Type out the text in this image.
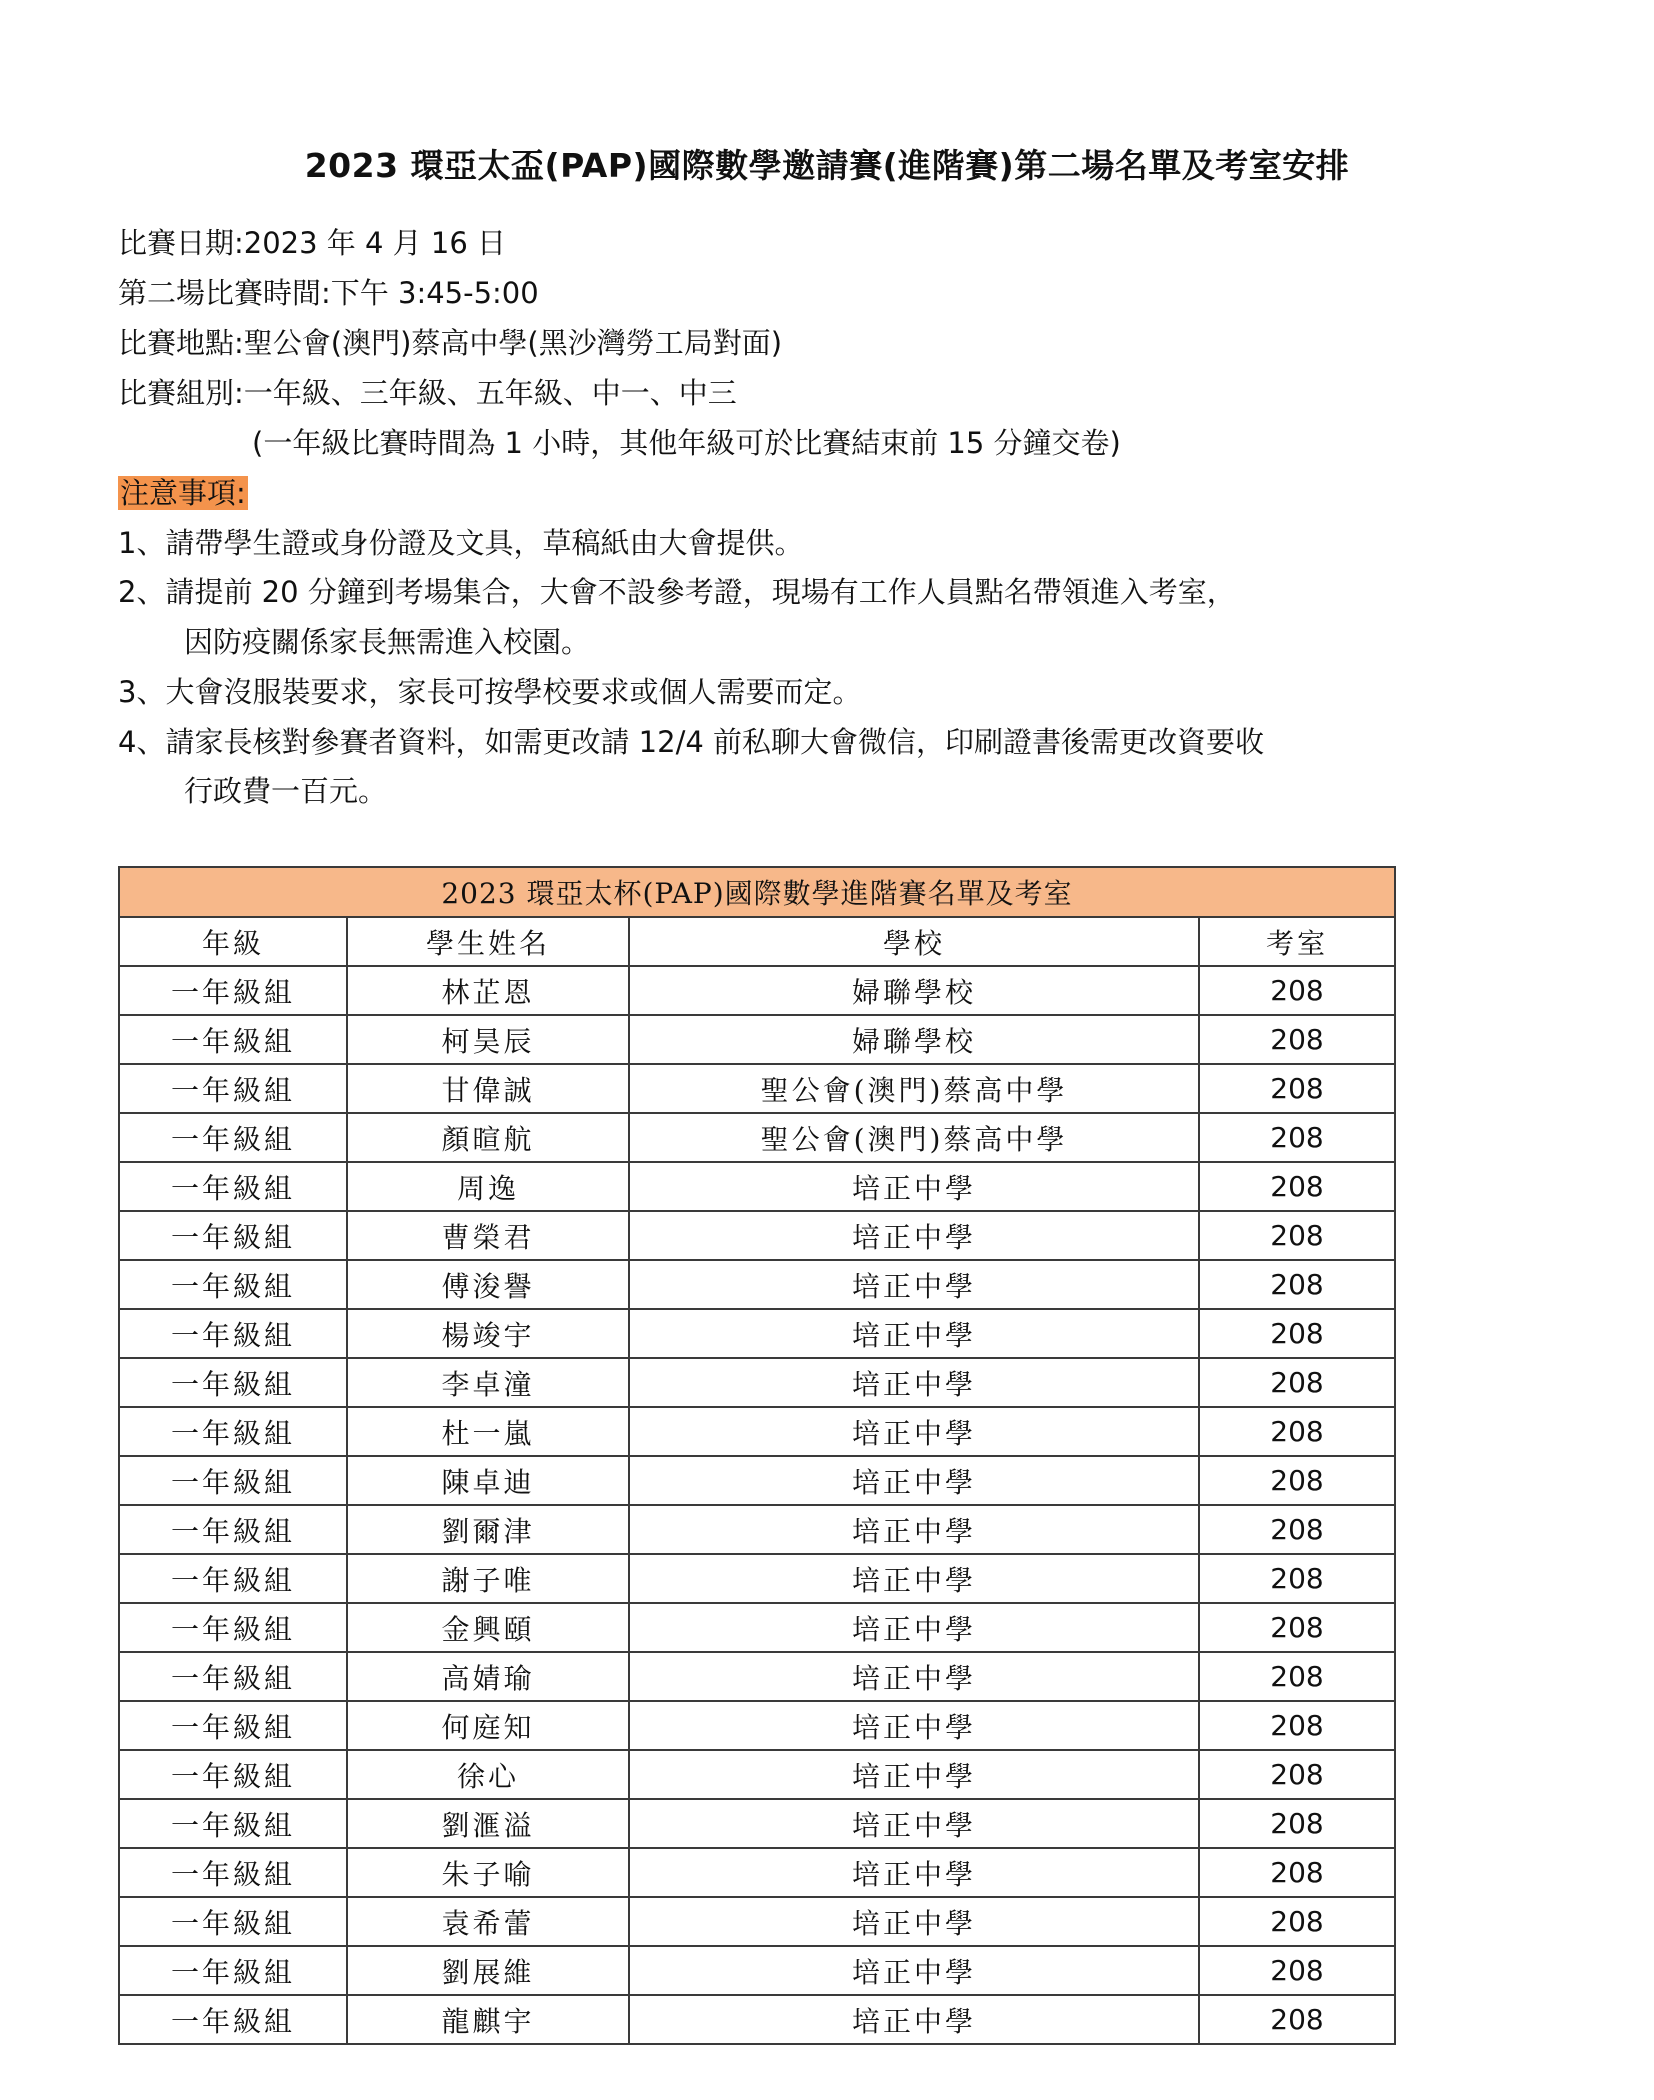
2023 環亞太盃(PAP)國際數學邀請賽(進階賽)第二場名單及考室安排
比賽日期:2023 年 4 月 16 日
第二場比賽時間:下午 3:45-5:00
比賽地點:聖公會(澳門)蔡高中學(黑沙灣勞工局對面)
比賽組別:一年級、三年級、五年級、中一、中三
(一年級比賽時間為 1 小時，其他年級可於比賽結束前 15 分鐘交卷)
注意事項:
1、請帶學生證或身份證及文具，草稿紙由大會提供。
2、請提前 20 分鐘到考場集合，大會不設參考證，現場有工作人員點名帶領進入考室，
因防疫關係家長無需進入校園。
3、大會沒服裝要求，家長可按學校要求或個人需要而定。
4、請家長核對參賽者資料，如需更改請 12/4 前私聊大會微信，印刷證書後需更改資要收
行政費一百元。
2023 環亞太杯(PAP)國際數學進階賽名單及考室			
年級	學生姓名	學校	考室
一年級組	林芷恩	婦聯學校	208
一年級組	柯昊辰	婦聯學校	208
一年級組	甘偉誠	聖公會(澳門)蔡高中學	208
一年級組	顏暄航	聖公會(澳門)蔡高中學	208
一年級組	周逸	培正中學	208
一年級組	曹榮君	培正中學	208
一年級組	傅浚譽	培正中學	208
一年級組	楊竣宇	培正中學	208
一年級組	李卓潼	培正中學	208
一年級組	杜一嵐	培正中學	208
一年級組	陳卓迪	培正中學	208
一年級組	劉爾津	培正中學	208
一年級組	謝子唯	培正中學	208
一年級組	金興頤	培正中學	208
一年級組	高婧瑜	培正中學	208
一年級組	何庭知	培正中學	208
一年級組	徐心	培正中學	208
一年級組	劉滙溢	培正中學	208
一年級組	朱子喻	培正中學	208
一年級組	袁希蕾	培正中學	208
一年級組	劉展維	培正中學	208
一年級組	龍麒宇	培正中學	208
